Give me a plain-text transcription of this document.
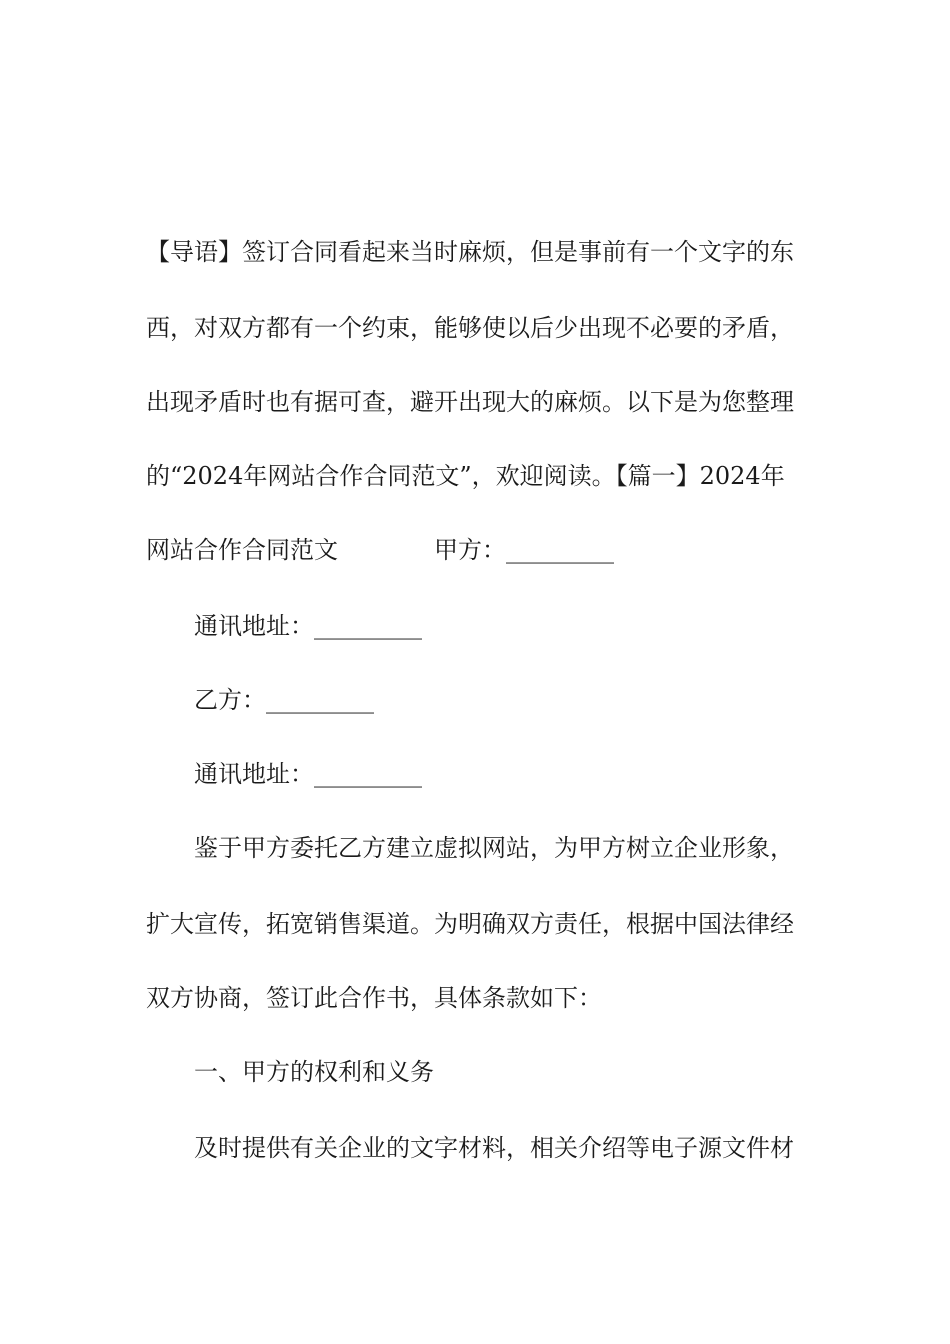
【导语】签订合同看起来当时麻烦，但是事前有一个文字的东
西，对双方都有一个约束，能够使以后少出现不必要的矛盾，
出现矛盾时也有据可查，避开出现大的麻烦。以下是为您整理
的“2024年网站合作合同范文”，欢迎阅读。【篇一】2024年
网站合作合同范文	甲方：_________
通讯地址：_________
乙方：_________
通讯地址：_________
鉴于甲方委托乙方建立虚拟网站，为甲方树立企业形象，
扩大宣传，拓宽销售渠道。为明确双方责任，根据中国法律经
双方协商，签订此合作书，具体条款如下：
一、甲方的权利和义务
及时提供有关企业的文字材料，相关介绍等电子源文件材
